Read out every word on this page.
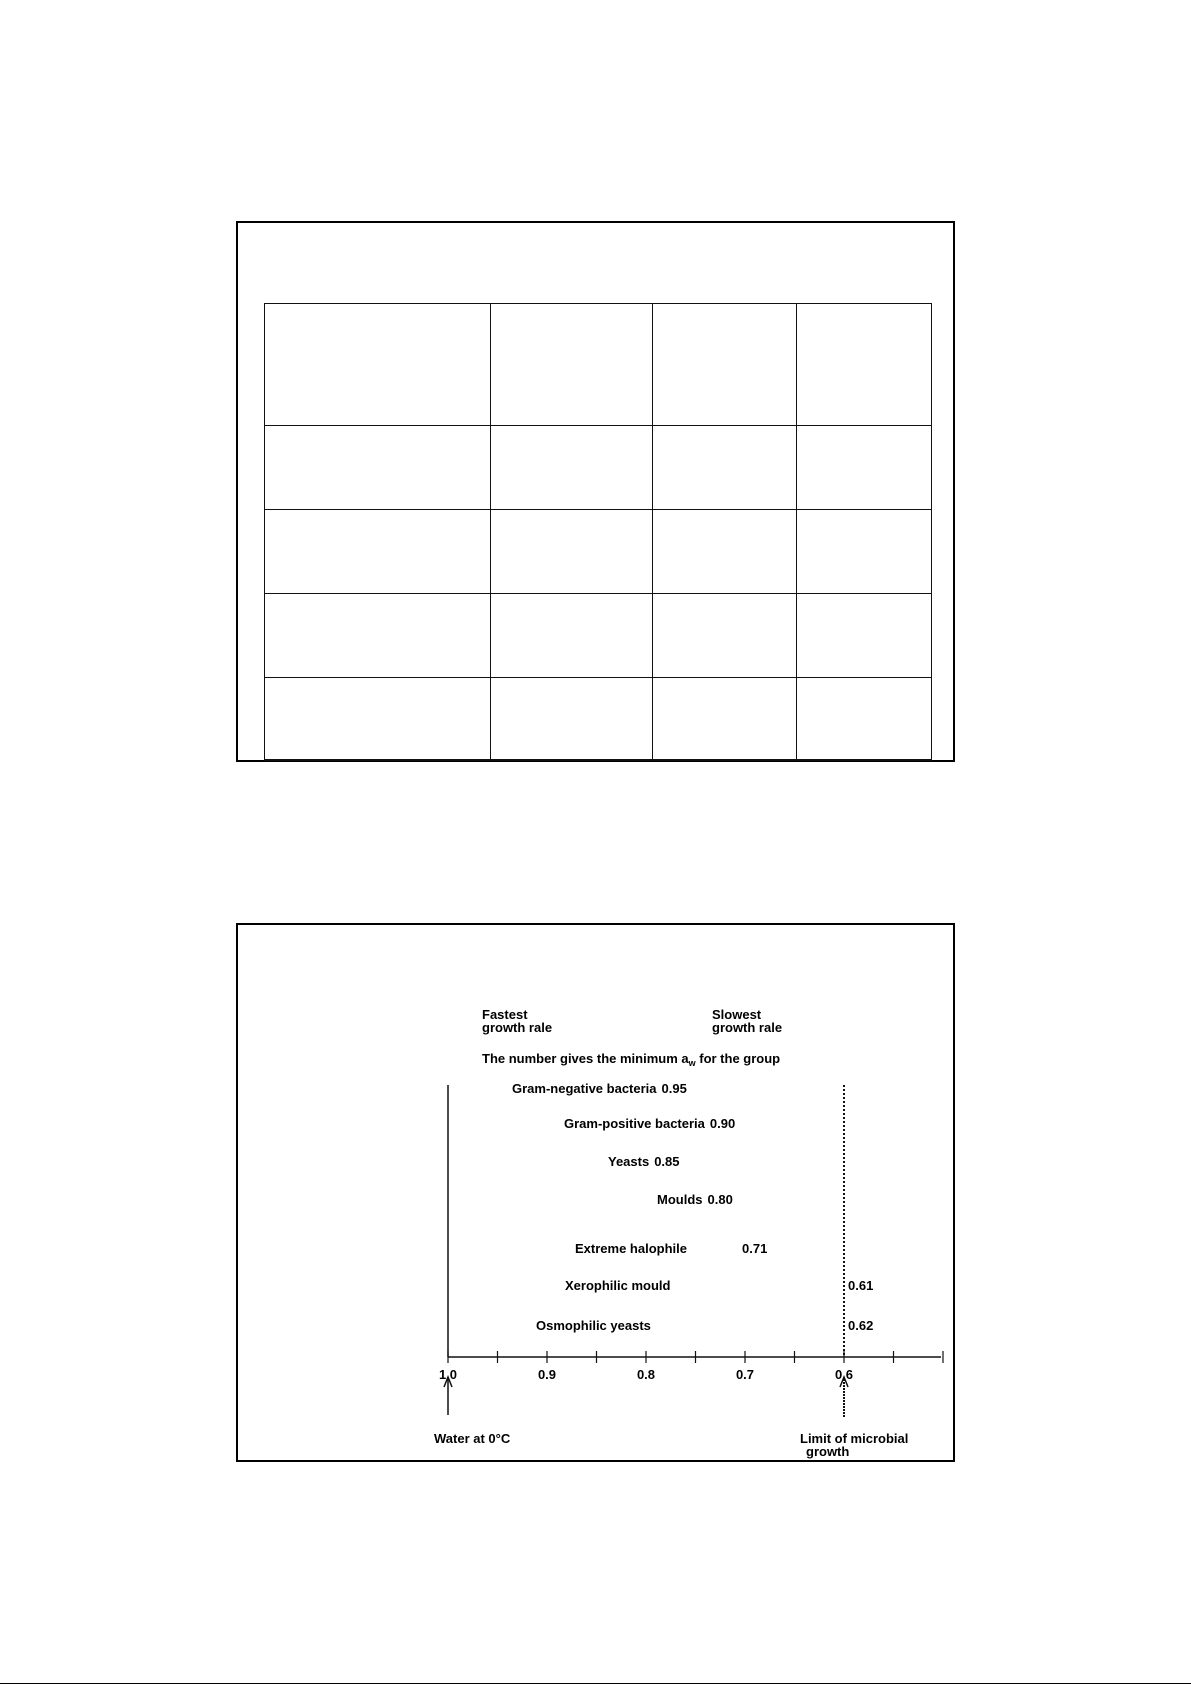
Fastest
growth rale
Slowest
growth rale
The number gives the minimum $a_w$ for the group
1.0	0.9	0.8	0.7	0.6
Gram-negative bacteria 0.95
Gram-positive bacteria 0.90
Yeasts 0.85
Moulds 0.80
Extreme halophile	0.71
Xerophilic mould	0.61
Osmophilic yeasts	0.62
Water at 0°C	Limit of microbial
growth
